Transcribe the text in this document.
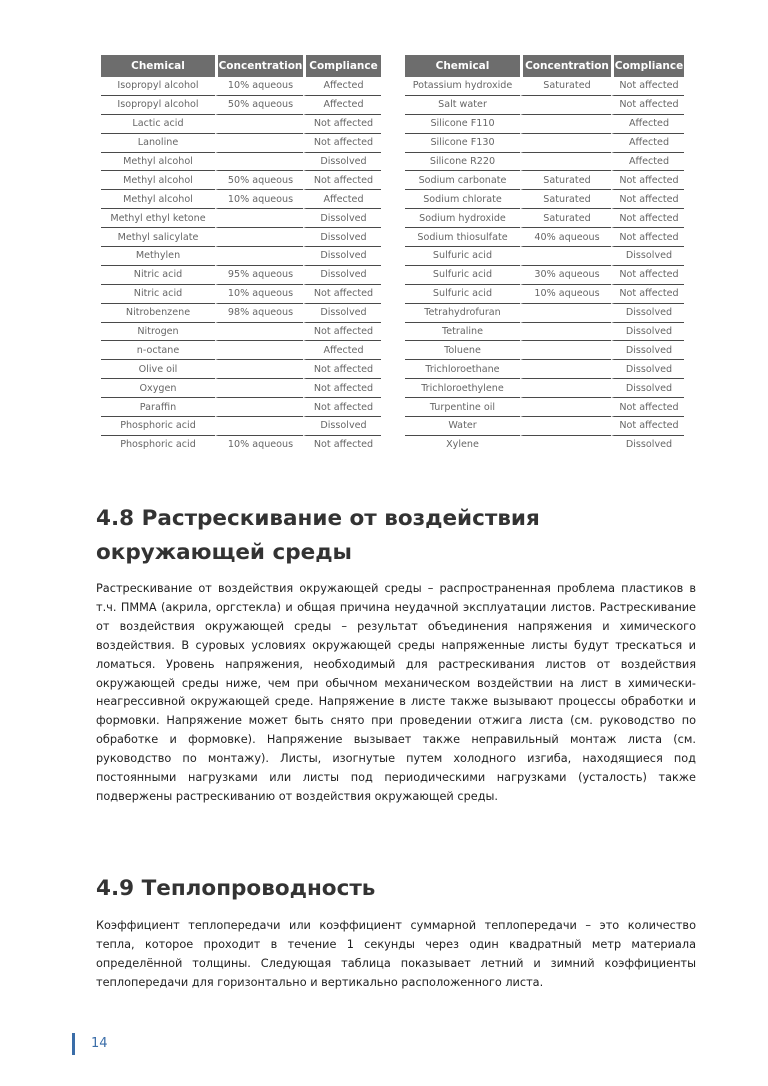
Chemical	Concentration	Compliance
Isopropyl alcohol	10% aqueous	Affected
Isopropyl alcohol	50% aqueous	Affected
Lactic acid		Not affected
Lanoline		Not affected
Methyl alcohol		Dissolved
Methyl alcohol	50% aqueous	Not affected
Methyl alcohol	10% aqueous	Affected
Methyl ethyl ketone		Dissolved
Methyl salicylate		Dissolved
Methylen		Dissolved
Nitric acid	95% aqueous	Dissolved
Nitric acid	10% aqueous	Not affected
Nitrobenzene	98% aqueous	Dissolved
Nitrogen		Not affected
n-octane		Affected
Olive oil		Not affected
Oxygen		Not affected
Paraffin		Not affected
Phosphoric acid		Dissolved
Phosphoric acid	10% aqueous	Not affected
Chemical	Concentration	Compliance
Potassium hydroxide	Saturated	Not affected
Salt water		Not affected
Silicone F110		Affected
Silicone F130		Affected
Silicone R220		Affected
Sodium carbonate	Saturated	Not affected
Sodium chlorate	Saturated	Not affected
Sodium hydroxide	Saturated	Not affected
Sodium thiosulfate	40% aqueous	Not affected
Sulfuric acid		Dissolved
Sulfuric acid	30% aqueous	Not affected
Sulfuric acid	10% aqueous	Not affected
Tetrahydrofuran		Dissolved
Tetraline		Dissolved
Toluene		Dissolved
Trichloroethane		Dissolved
Trichloroethylene		Dissolved
Turpentine oil		Not affected
Water		Not affected
Xylene		Dissolved
4.8 Растрескивание от воздействия окружающей среды

Растрескивание от воздействия окружающей среды – распространенная проблема пластиков в т.ч. ПММА (акрила, оргстекла) и общая причина неудачной эксплуатации листов. Растрескивание от воздействия окружающей среды – результат объединения напряжения и химического воздействия. В суровых условиях окружающей среды напряженные листы будут трескаться и ломаться. Уровень напряжения, необходимый для растрескивания листов от воздействия окружающей среды ниже, чем при обычном механическом воздействии на лист в химически-неагрессивной окружающей среде. Напряжение в листе также вызывают процессы обработки и формовки. Напряжение может быть снято при проведении отжига листа (см. руководство по обработке и формовке). Напряжение вызывает также неправильный монтаж листа (см. руководство по монтажу). Листы, изогнутые путем холодного изгиба, находящиеся под постоянными нагрузками или листы под периодическими нагрузками (усталость) также подвержены растрескиванию от воздействия окружающей среды.

4.9 Теплопроводность

Коэффициент теплопередачи или коэффициент суммарной теплопередачи – это количество тепла, которое проходит в течение 1 секунды через один квадратный метр материала определённой толщины. Следующая таблица показывает летний и зимний коэффициенты теплопередачи для горизонтально и вертикально расположенного листа.

14
